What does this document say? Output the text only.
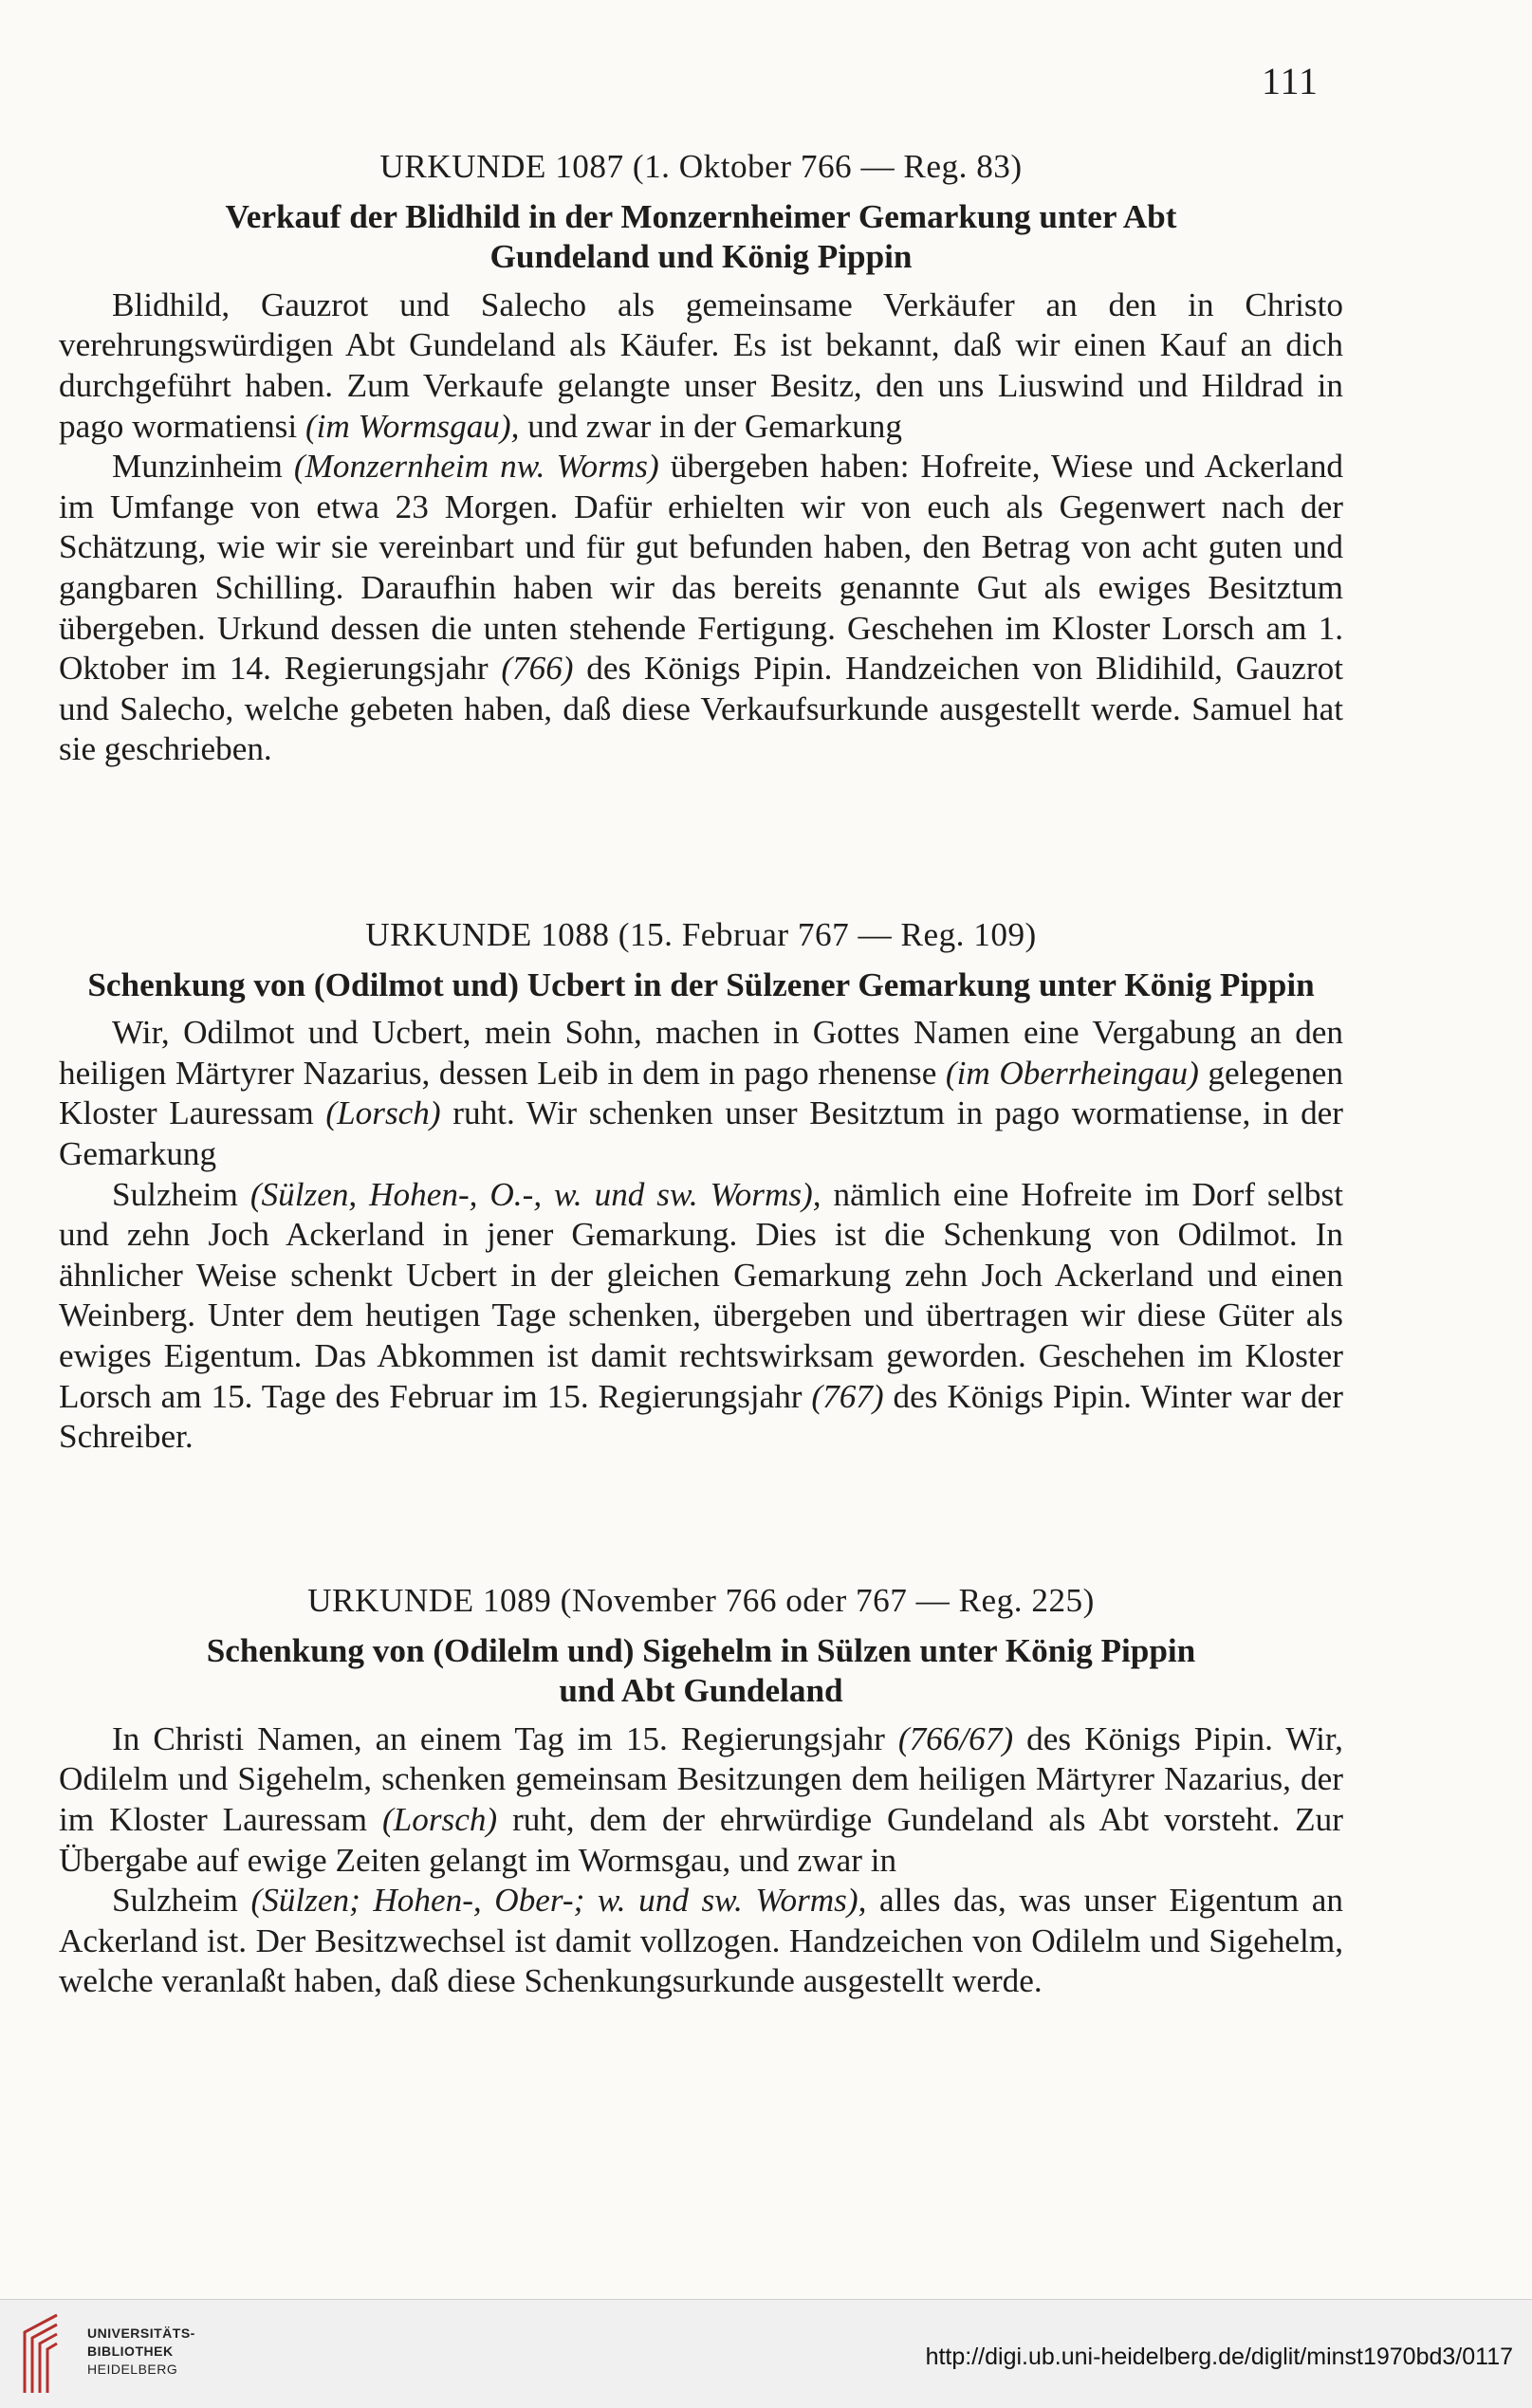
111

URKUNDE 1087 (1. Oktober 766 — Reg. 83)

Verkauf der Blidhild in der Monzernheimer Gemarkung unter Abt
Gundeland und König Pippin

Blidhild, Gauzrot und Salecho als gemeinsame Verkäufer an den in Christo verehrungswürdigen Abt Gundeland als Käufer. Es ist bekannt, daß wir einen Kauf an dich durchgeführt haben. Zum Verkaufe gelangte unser Besitz, den uns Liuswind und Hildrad in pago wormatiensi (im Wormsgau), und zwar in der Gemarkung

Munzinheim (Monzernheim nw. Worms) übergeben haben: Hofreite, Wiese und Ackerland im Umfange von etwa 23 Morgen. Dafür erhielten wir von euch als Gegenwert nach der Schätzung, wie wir sie vereinbart und für gut befunden haben, den Betrag von acht guten und gangbaren Schilling. Daraufhin haben wir das bereits genannte Gut als ewiges Besitztum übergeben. Urkund dessen die unten stehende Fertigung. Geschehen im Kloster Lorsch am 1. Oktober im 14. Regierungsjahr (766) des Königs Pipin. Handzeichen von Blidihild, Gauzrot und Salecho, welche gebeten haben, daß diese Verkaufsurkunde ausgestellt werde. Samuel hat sie geschrieben.

URKUNDE 1088 (15. Februar 767 — Reg. 109)

Schenkung von (Odilmot und) Ucbert in der Sülzener Gemarkung unter König Pippin

Wir, Odilmot und Ucbert, mein Sohn, machen in Gottes Namen eine Vergabung an den heiligen Märtyrer Nazarius, dessen Leib in dem in pago rhenense (im Oberrheingau) gelegenen Kloster Lauressam (Lorsch) ruht. Wir schenken unser Besitztum in pago wormatiense, in der Gemarkung

Sulzheim (Sülzen, Hohen-, O.-, w. und sw. Worms), nämlich eine Hofreite im Dorf selbst und zehn Joch Ackerland in jener Gemarkung. Dies ist die Schenkung von Odilmot. In ähnlicher Weise schenkt Ucbert in der gleichen Gemarkung zehn Joch Ackerland und einen Weinberg. Unter dem heutigen Tage schenken, übergeben und übertragen wir diese Güter als ewiges Eigentum. Das Abkommen ist damit rechtswirksam geworden. Geschehen im Kloster Lorsch am 15. Tage des Februar im 15. Regierungsjahr (767) des Königs Pipin. Winter war der Schreiber.

URKUNDE 1089 (November 766 oder 767 — Reg. 225)

Schenkung von (Odilelm und) Sigehelm in Sülzen unter König Pippin
und Abt Gundeland

In Christi Namen, an einem Tag im 15. Regierungsjahr (766/67) des Königs Pipin. Wir, Odilelm und Sigehelm, schenken gemeinsam Besitzungen dem heiligen Märtyrer Nazarius, der im Kloster Lauressam (Lorsch) ruht, dem der ehrwürdige Gundeland als Abt vorsteht. Zur Übergabe auf ewige Zeiten gelangt im Wormsgau, und zwar in

Sulzheim (Sülzen; Hohen-, Ober-; w. und sw. Worms), alles das, was unser Eigentum an Ackerland ist. Der Besitzwechsel ist damit vollzogen. Handzeichen von Odilelm und Sigehelm, welche veranlaßt haben, daß diese Schenkungsurkunde ausgestellt werde.

UNIVERSITÄTS-
BIBLIOTHEK
HEIDELBERG	http://digi.ub.uni-heidelberg.de/diglit/minst1970bd3/0117
